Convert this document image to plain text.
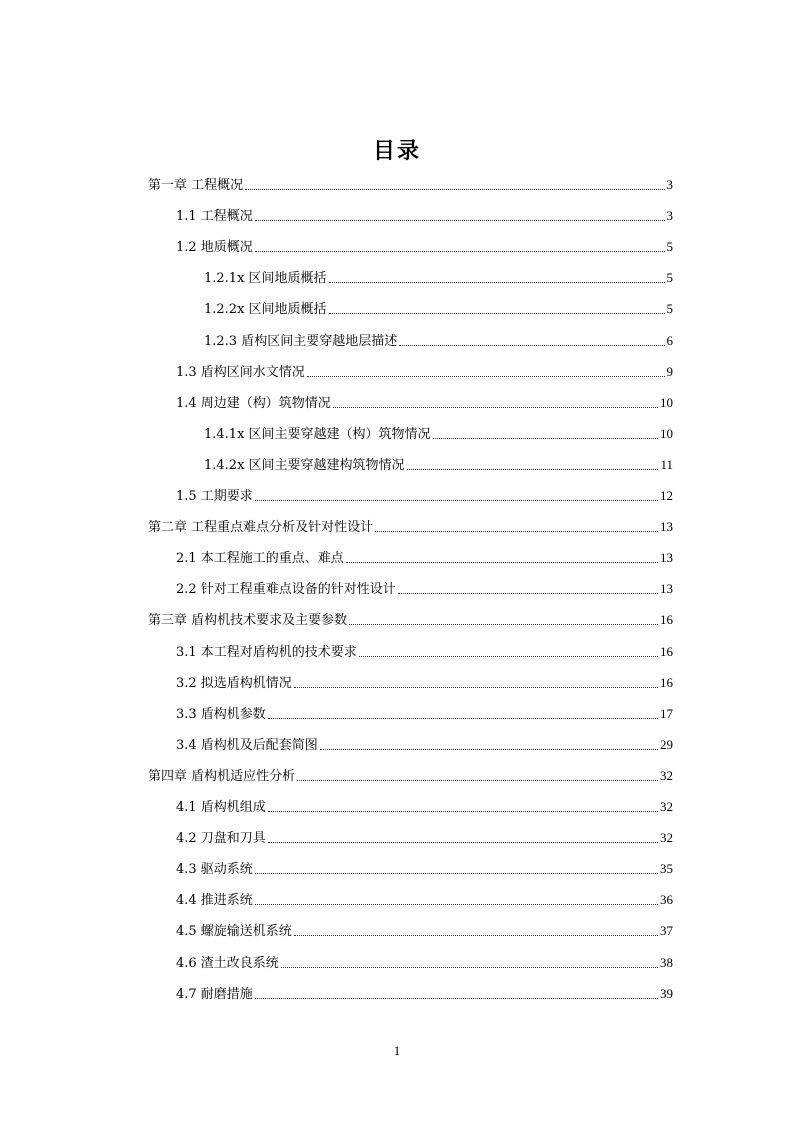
目录
第一章 工程概况	3
1.1 工程概况	3
1.2 地质概况	5
1.2.1x 区间地质概括	5
1.2.2x 区间地质概括	5
1.2.3 盾构区间主要穿越地层描述	6
1.3 盾构区间水文情况	9
1.4 周边建（构）筑物情况	10
1.4.1x 区间主要穿越建（构）筑物情况	10
1.4.2x 区间主要穿越建构筑物情况	11
1.5 工期要求	12
第二章 工程重点难点分析及针对性设计	13
2.1 本工程施工的重点、难点	13
2.2 针对工程重难点设备的针对性设计	13
第三章 盾构机技术要求及主要参数	16
3.1 本工程对盾构机的技术要求	16
3.2 拟选盾构机情况	16
3.3 盾构机参数	17
3.4 盾构机及后配套简图	29
第四章 盾构机适应性分析	32
4.1 盾构机组成	32
4.2 刀盘和刀具	32
4.3 驱动系统	35
4.4 推进系统	36
4.5 螺旋输送机系统	37
4.6 渣土改良系统	38
4.7 耐磨措施	39
1
